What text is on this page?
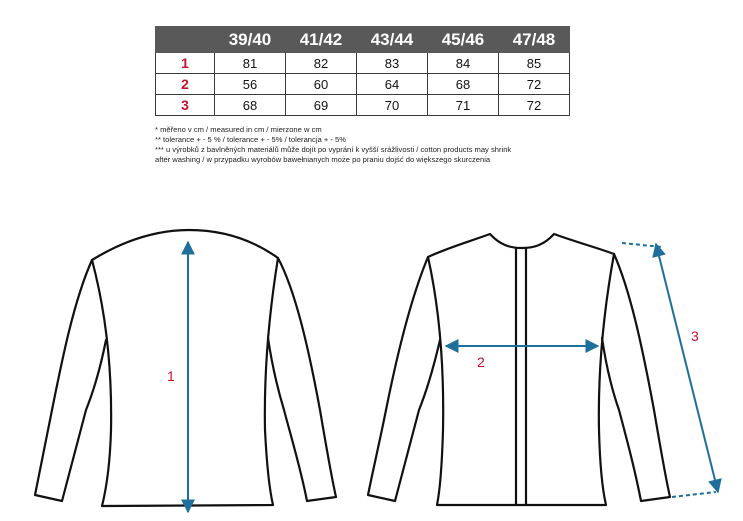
	39/40	41/42	43/44	45/46	47/48
1	81	82	83	84	85
2	56	60	64	68	72
3	68	69	70	71	72
* měřeno v cm / measured in cm / mierzone w cm
** tolerance + - 5 % / tolerance + - 5% / tolerancja + - 5%
*** u výrobků z bavlněných materiálů může dojít po vyprání k vyšší srážlivosti / cotton products may shrink
after washing / w przypadku wyrobów bawełnianych może po praniu dojść do większego skurczenia
1
2
3
